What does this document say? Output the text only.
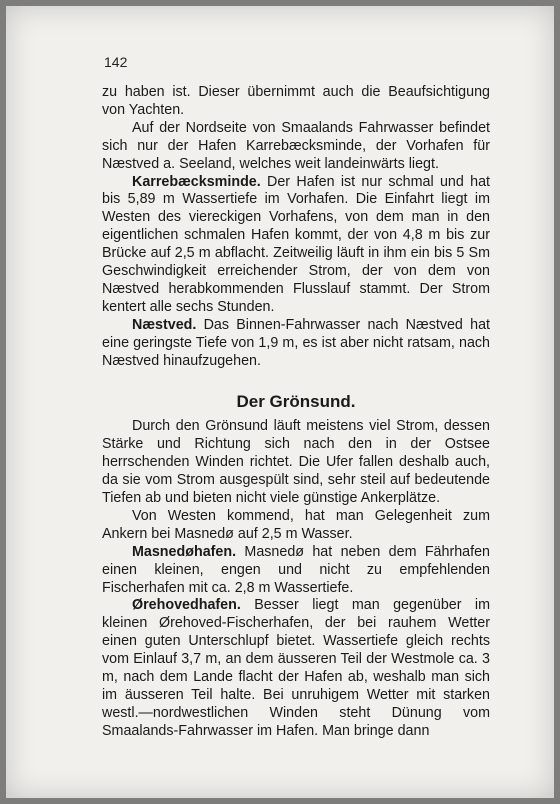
142

zu haben ist. Dieser übernimmt auch die Beaufsichtigung von Yachten.

Auf der Nordseite von Smaalands Fahrwasser befindet sich nur der Hafen Karrebæcksminde, der Vorhafen für Næstved a. Seeland, welches weit landeinwärts liegt.

Karrebæcksminde. Der Hafen ist nur schmal und hat bis 5,89 m Wassertiefe im Vorhafen. Die Einfahrt liegt im Westen des viereckigen Vorhafens, von dem man in den eigentlichen schmalen Hafen kommt, der von 4,8 m bis zur Brücke auf 2,5 m abflacht. Zeitweilig läuft in ihm ein bis 5 Sm Geschwindigkeit erreichender Strom, der von dem von Næstved herabkommenden Flusslauf stammt. Der Strom kentert alle sechs Stunden.

Næstved. Das Binnen-Fahrwasser nach Næstved hat eine geringste Tiefe von 1,9 m, es ist aber nicht ratsam, nach Næstved hinaufzugehen.

Der Grönsund.

Durch den Grönsund läuft meistens viel Strom, dessen Stärke und Richtung sich nach den in der Ostsee herrschenden Winden richtet. Die Ufer fallen deshalb auch, da sie vom Strom ausgespült sind, sehr steil auf bedeutende Tiefen ab und bieten nicht viele günstige Ankerplätze.

Von Westen kommend, hat man Gelegenheit zum Ankern bei Masnedø auf 2,5 m Wasser.

Masnedøhafen. Masnedø hat neben dem Fährhafen einen kleinen, engen und nicht zu empfehlenden Fischerhafen mit ca. 2,8 m Wassertiefe.

Ørehovedhafen. Besser liegt man gegenüber im kleinen Ørehoved-Fischerhafen, der bei rauhem Wetter einen guten Unterschlupf bietet. Wassertiefe gleich rechts vom Einlauf 3,7 m, an dem äusseren Teil der Westmole ca. 3 m, nach dem Lande flacht der Hafen ab, weshalb man sich im äusseren Teil halte. Bei unruhigem Wetter mit starken westl.—nordwestlichen Winden steht Dünung vom Smaalands-Fahrwasser im Hafen. Man bringe dann
